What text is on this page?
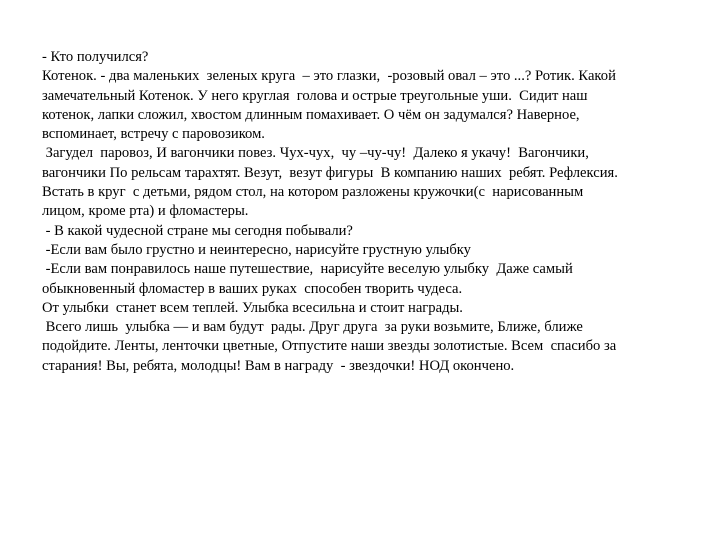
- Кто получился?
Котенок. - два маленьких  зеленых круга  – это глазки,  -розовый овал – это ...? Ротик. Какой
замечательный Котенок. У него круглая  голова и острые треугольные уши.  Сидит наш
котенок, лапки сложил, хвостом длинным помахивает. О чём он задумался? Наверное,
вспоминает, встречу с паровозиком.
Загудел  паровоз, И вагончики повез. Чух-чух,  чу –чу-чу!  Далеко я укачу!  Вагончики,
вагончики По рельсам тарахтят. Везут,  везут фигуры  В компанию наших  ребят. Рефлексия.
Встать в круг  с детьми, рядом стол, на котором разложены кружочки(с  нарисованным
лицом, кроме рта) и фломастеры.
- В какой чудесной стране мы сегодня побывали?
-Если вам было грустно и неинтересно, нарисуйте грустную улыбку
-Если вам понравилось наше путешествие,  нарисуйте веселую улыбку  Даже самый
обыкновенный фломастер в ваших руках  способен творить чудеса.
От улыбки  станет всем теплей. Улыбка всесильна и стоит награды.
Всего лишь  улыбка — и вам будут  рады. Друг друга  за руки возьмите, Ближе, ближе
подойдите. Ленты, ленточки цветные, Отпустите наши звезды золотистые. Всем  спасибо за
старания! Вы, ребята, молодцы! Вам в награду  - звездочки! НОД окончено.
